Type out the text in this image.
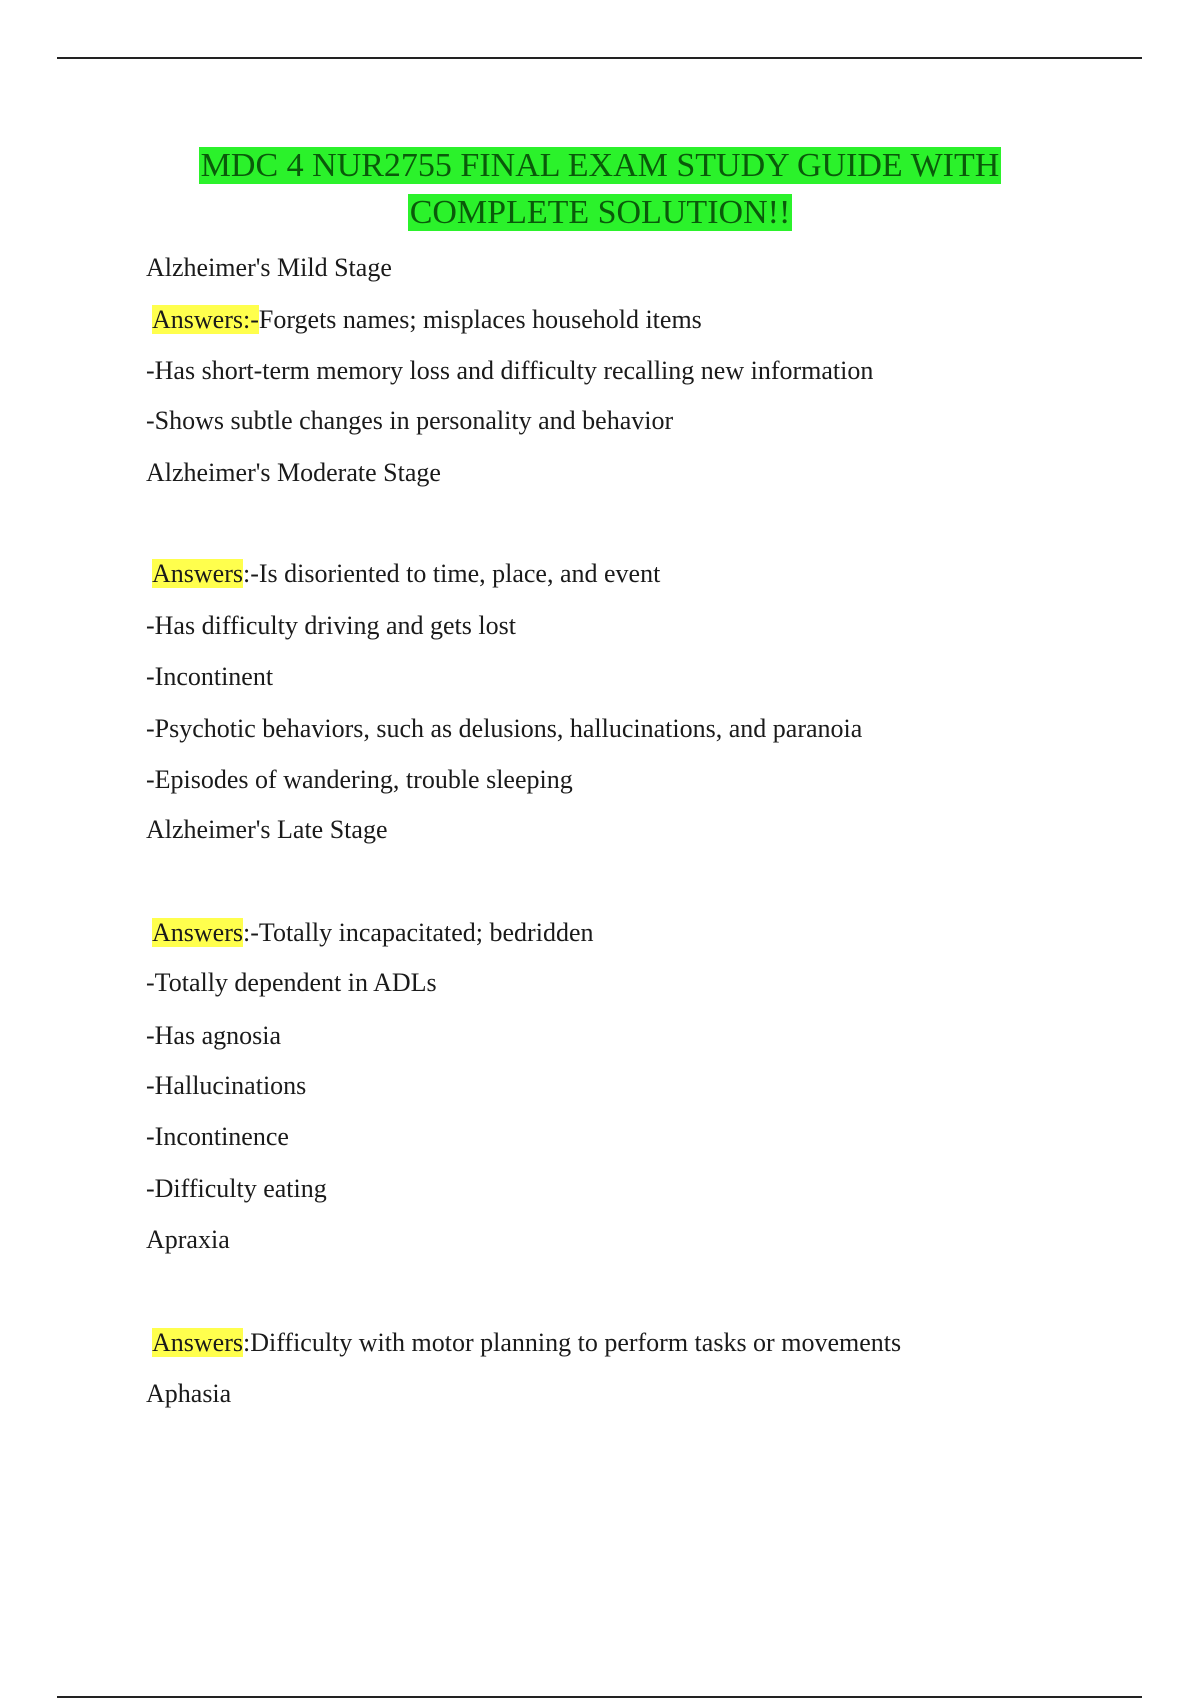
MDC 4 NUR2755 FINAL EXAM STUDY GUIDE WITH
COMPLETE SOLUTION!!
Alzheimer's Mild Stage
Answers:-Forgets names; misplaces household items
-Has short-term memory loss and difficulty recalling new information
-Shows subtle changes in personality and behavior
Alzheimer's Moderate Stage
Answers:-Is disoriented to time, place, and event
-Has difficulty driving and gets lost
-Incontinent
-Psychotic behaviors, such as delusions, hallucinations, and paranoia
-Episodes of wandering, trouble sleeping
Alzheimer's Late Stage
Answers:-Totally incapacitated; bedridden
-Totally dependent in ADLs
-Has agnosia
-Hallucinations
-Incontinence
-Difficulty eating
Apraxia
Answers:Difficulty with motor planning to perform tasks or movements
Aphasia
